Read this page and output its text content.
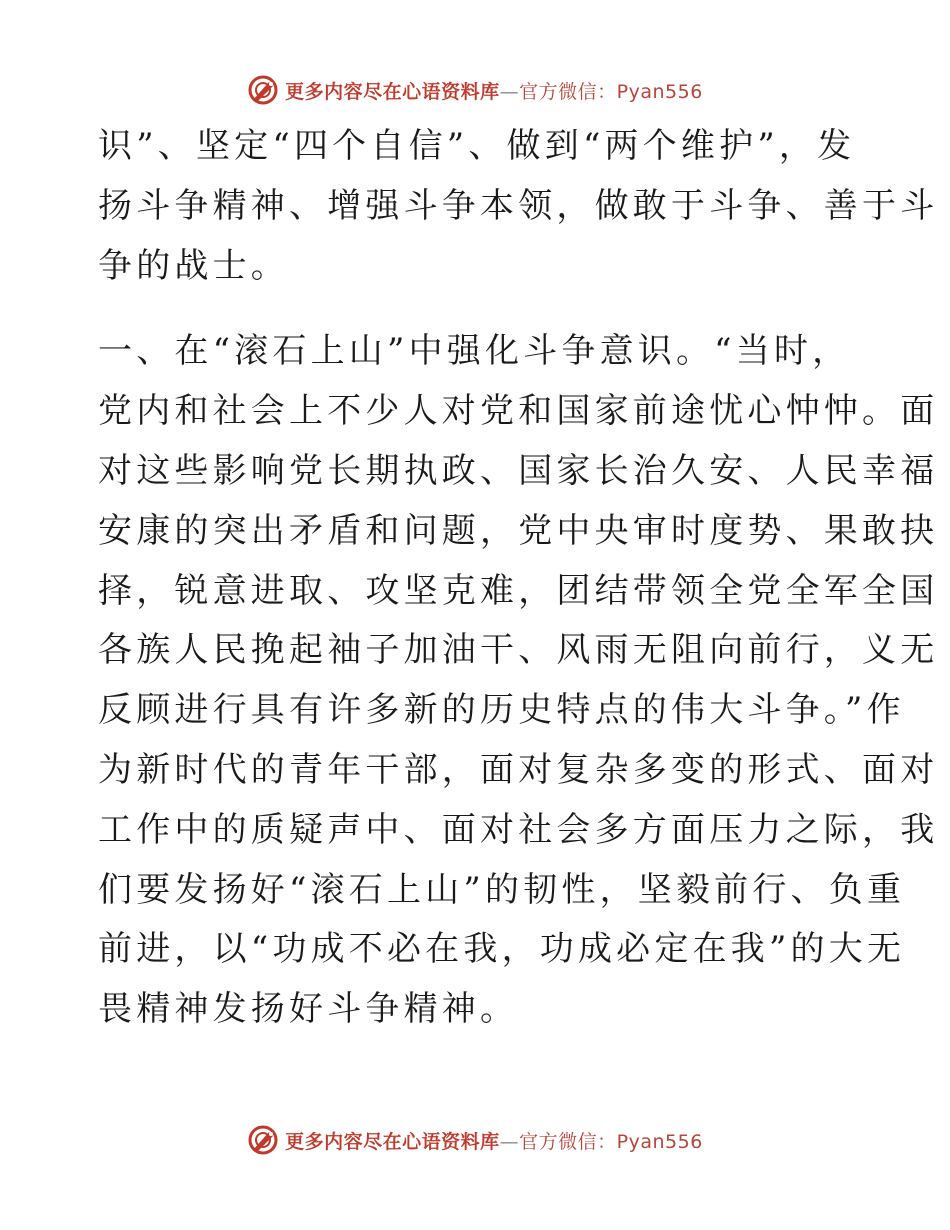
更多内容尽在心语资料库—官方微信：Pyan556
识”、坚定“四个自信”、做到“两个维护”，发
扬斗争精神、增强斗争本领，做敢于斗争、善于斗
争的战士。
一、在“滚石上山”中强化斗争意识。“当时，
党内和社会上不少人对党和国家前途忧心忡忡。面
对这些影响党长期执政、国家长治久安、人民幸福
安康的突出矛盾和问题，党中央审时度势、果敢抉
择，锐意进取、攻坚克难，团结带领全党全军全国
各族人民挽起袖子加油干、风雨无阻向前行，义无
反顾进行具有许多新的历史特点的伟大斗争。”作
为新时代的青年干部，面对复杂多变的形式、面对
工作中的质疑声中、面对社会多方面压力之际，我
们要发扬好“滚石上山”的韧性，坚毅前行、负重
前进，以“功成不必在我，功成必定在我”的大无
畏精神发扬好斗争精神。
更多内容尽在心语资料库—官方微信：Pyan556
